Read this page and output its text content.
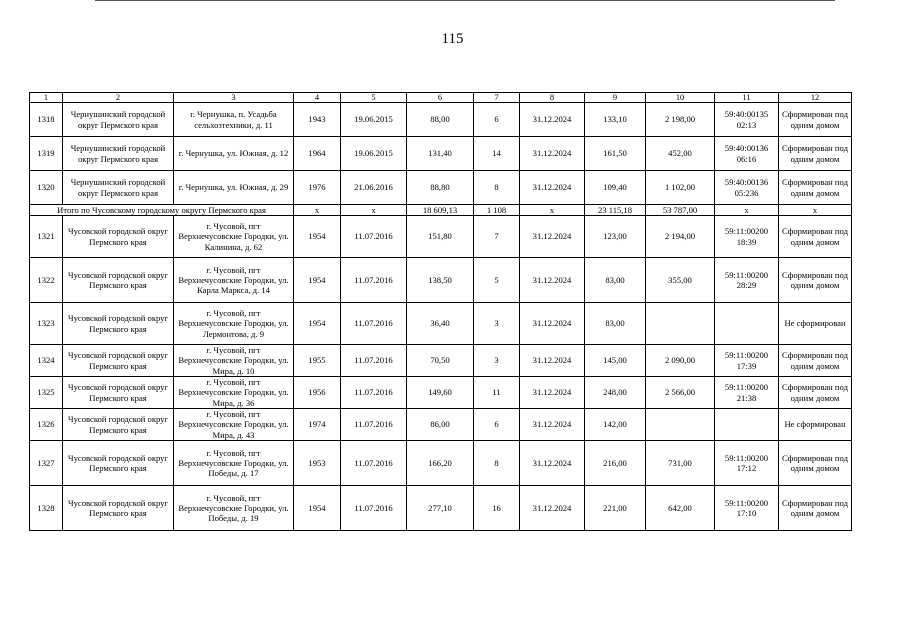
115
1	2	3	4	5	6	7	8	9	10	11	12
1318	Чернушинский городской округ Пермского края	г. Чернушка, п. Усадьба сельхозтехники, д. 11	1943	19.06.2015	88,00	6	31.12.2024	133,10	2 198,00	59:40:00135 02:13	Сформирован под одним домом
1319	Чернушинский городской округ Пермского края	г. Чернушка, ул. Южная, д. 12	1964	19.06.2015	131,40	14	31.12.2024	161,50	452,00	59:40:00136 06:16	Сформирован под одним домом
1320	Чернушинский городской округ Пермского края	г. Чернушка, ул. Южная, д. 29	1976	21.06.2016	88,80	8	31.12.2024	109,40	1 102,00	59:40:00136 05:236	Сформирован под одним домом
Итого по Чусовскому городскому округу Пермского края			х	х	18 609,13	1 108	х	23 115,18	53 787,00	х	х
1321	Чусовской городской округ Пермского края	г. Чусовой, пгт Верхнечусовские Городки, ул. Калинина, д. 62	1954	11.07.2016	151,80	7	31.12.2024	123,00	2 194,00	59:11:00200 18:39	Сформирован под одним домом
1322	Чусовской городской округ Пермского края	г. Чусовой, пгт Верхнечусовские Городки, ул. Карла Маркса, д. 14	1954	11.07.2016	138,50	5	31.12.2024	83,00	355,00	59:11:00200 28:29	Сформирован под одним домом
1323	Чусовской городской округ Пермского края	г. Чусовой, пгт Верхнечусовские Городки, ул. Лермонтова, д. 9	1954	11.07.2016	36,40	3	31.12.2024	83,00			Не сформирован
1324	Чусовской городской округ Пермского края	г. Чусовой, пгт Верхнечусовские Городки, ул. Мира, д. 10	1955	11.07.2016	70,50	3	31.12.2024	145,00	2 090,00	59:11:00200 17:39	Сформирован под одним домом
1325	Чусовской городской округ Пермского края	г. Чусовой, пгт Верхнечусовские Городки, ул. Мира, д. 36	1956	11.07.2016	149,60	11	31.12.2024	248,00	2 566,00	59:11:00200 21:38	Сформирован под одним домом
1326	Чусовской городской округ Пермского края	г. Чусовой, пгт Верхнечусовские Городки, ул. Мира, д. 43	1974	11.07.2016	86,00	6	31.12.2024	142,00			Не сформирован
1327	Чусовской городской округ Пермского края	г. Чусовой, пгт Верхнечусовские Городки, ул. Победы, д. 17	1953	11.07.2016	166,20	8	31.12.2024	216,00	731,00	59:11:00200 17:12	Сформирован под одним домом
1328	Чусовской городской округ Пермского края	г. Чусовой, пгт Верхнечусовские Городки, ул. Победы, д. 19	1954	11.07.2016	277,10	16	31.12.2024	221,00	642,00	59:11:00200 17:10	Сформирован под одним домом
